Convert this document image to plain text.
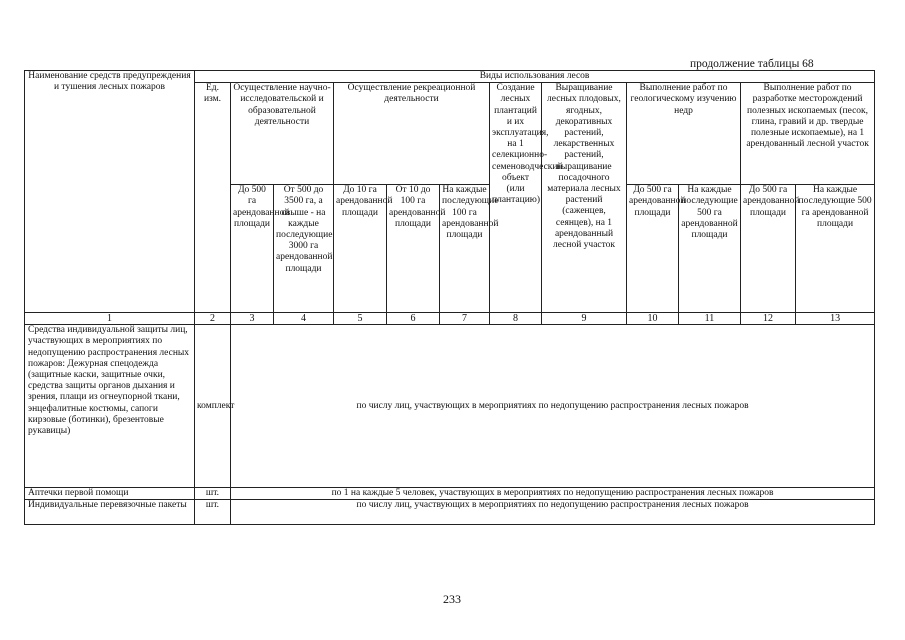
продолжение таблицы 68
Наименование средств предупреждения и тушения лесных пожаров	Виды использования лесов											
	Ед. изм.	Осуществление научно-исследовательской и образовательной деятельности		Осуществление рекреационной деятельности			Создание лесных плантаций и их эксплуатация, на 1 селекционно-семеноводческий объект (или плантацию)	Выращивание лесных плодовых, ягодных, декоративных растений, лекарственных растений, выращивание посадочного материала лесных растений (саженцев, сеянцев), на 1 арендованный лесной участок	Выполнение работ по геологическому изучению недр		Выполнение работ по разработке месторождений полезных ископаемых (песок, глина, гравий и др. твердые полезные ископаемые), на 1 арендованный лесной участок	
		До 500 га арендованной площади	От 500 до 3500 га, а свыше - на каждые последующие 3000 га арендованной площади	До 10 га арендованной площади	От 10 до 100 га арендованной площади	На каждые последующие 100 га арендованной площади			До 500 га арендованной площади	На каждые последующие 500 га арендованной площади	До 500 га арендованной площади	На каждые последующие 500 га арендованной площади
1	2	3	4	5	6	7	8	9	10	11	12	13
Средства индивидуальной защиты лиц, участвующих в мероприятиях по недопущению распространения лесных пожаров: Дежурная спецодежда (защитные каски, защитные очки, средства защиты органов дыхания и зрения, плащи из огнеупорной ткани, энцефалитные костюмы, сапоги кирзовые (ботинки), брезентовые рукавицы)	комплект	по числу лиц, участвующих в мероприятиях по недопущению распространения лесных пожаров										
Аптечки первой помощи	шт.	по 1 на каждые 5 человек, участвующих в мероприятиях по недопущению распространения лесных пожаров										
Индивидуальные перевязочные пакеты	шт.	по числу лиц, участвующих в мероприятиях по недопущению распространения лесных пожаров										
233
